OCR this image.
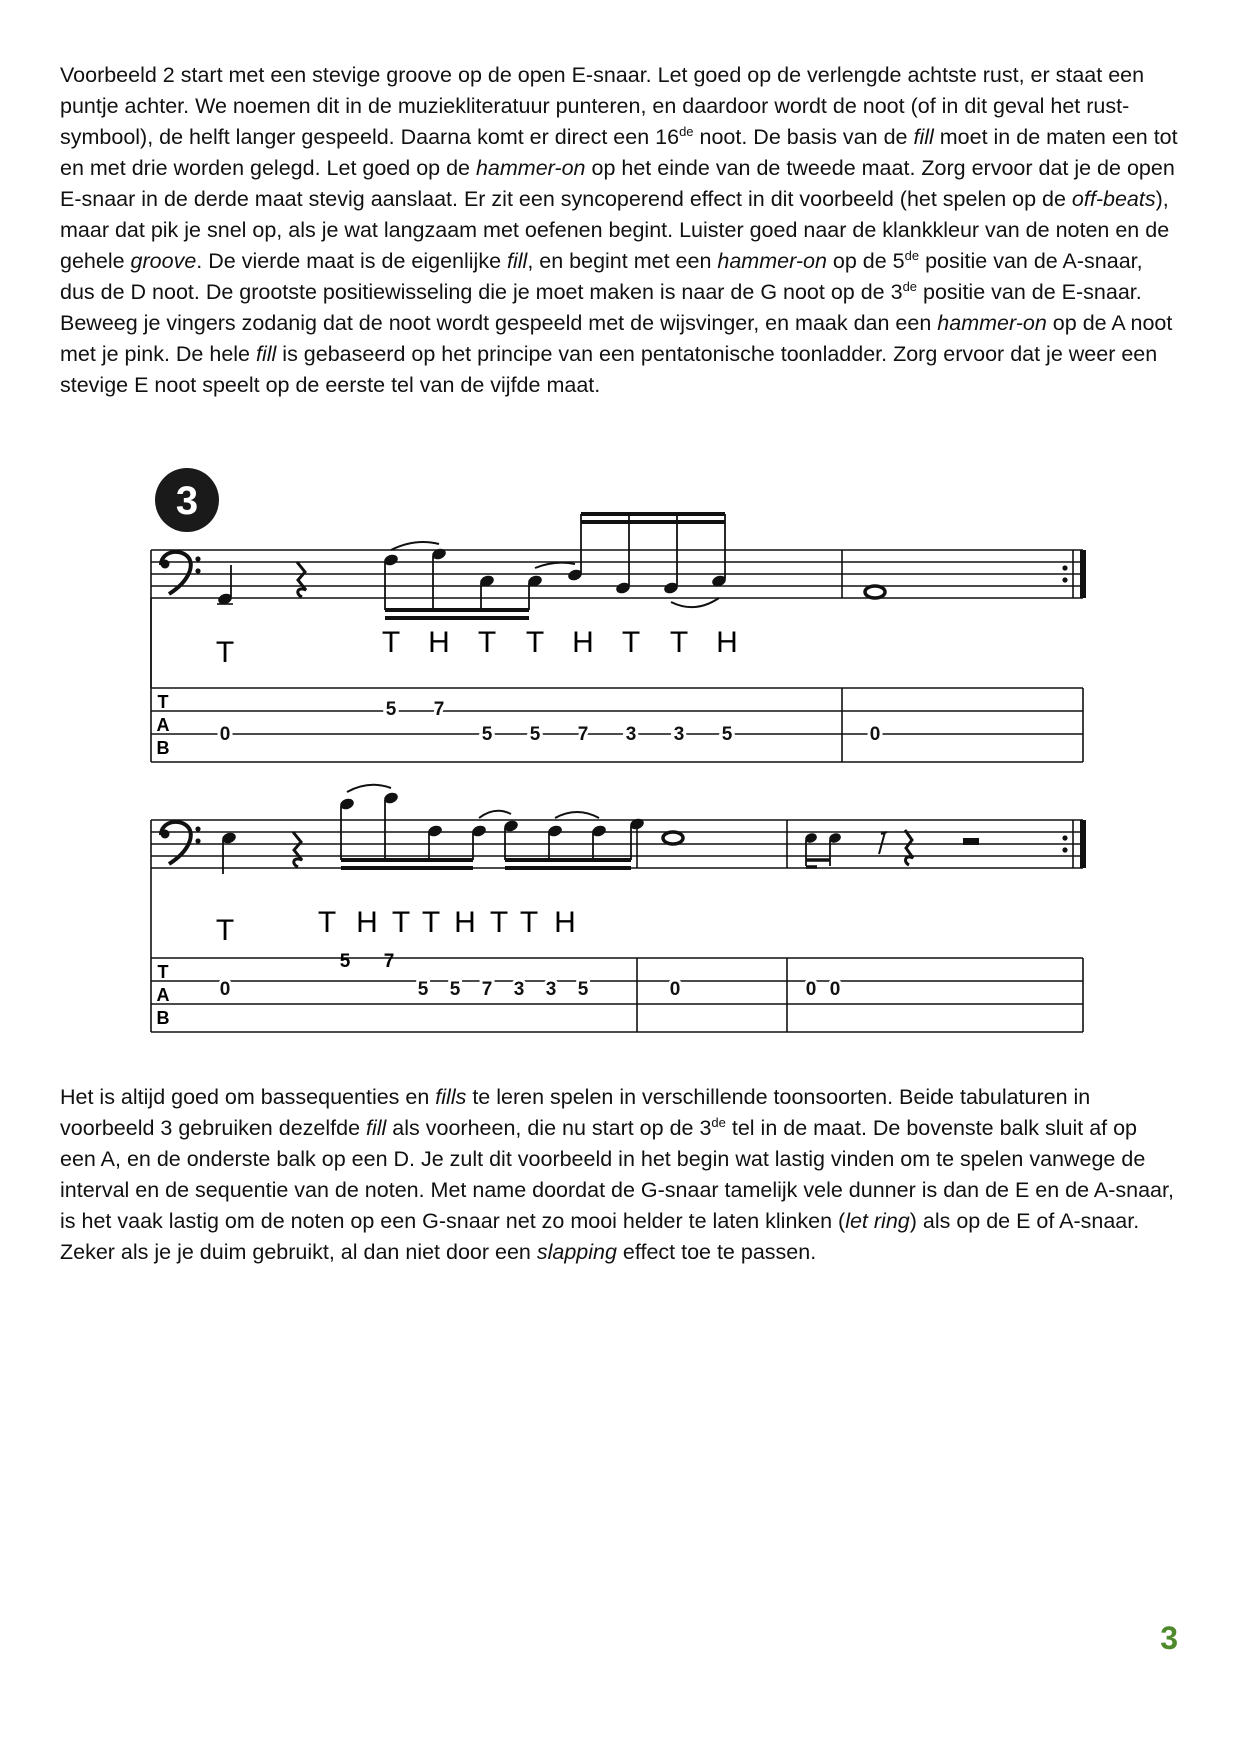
Voorbeeld 2 start met een stevige groove op de open E-snaar. Let goed op de verlengde achtste rust, er staat een puntje achter. We noemen dit in de muziekliteratuur punteren, en daardoor wordt de noot (of in dit geval het rust-symbool), de helft langer gespeeld. Daarna komt er direct een 16de noot. De basis van de fill moet in de maten een tot en met drie worden gelegd. Let goed op de hammer-on op het einde van de tweede maat. Zorg ervoor dat je de open E-snaar in de derde maat stevig aanslaat. Er zit een syncoperend effect in dit voorbeeld (het spelen op de off-beats), maar dat pik je snel op, als je wat langzaam met oefenen begint. Luister goed naar de klankkleur van de noten en de gehele groove. De vierde maat is de eigenlijke fill, en begint met een hammer-on op de 5de positie van de A-snaar, dus de D noot. De grootste positiewisseling die je moet maken is naar de G noot op de 3de positie van de E-snaar. Beweeg je vingers zodanig dat de noot wordt gespeeld met de wijsvinger, en maak dan een hammer-on op de A noot met je pink. De hele fill is gebaseerd op het principe van een pentatonische toonladder. Zorg ervoor dat je weer een stevige E noot speelt op de eerste tel van de vijfde maat.

3
T	T H T T H T T H
T
A
B
5 7
0	5 5 7 3 3 5	0
T	T H T T H T T H
T
A
B
5 7
0	5 5 7 3 3 5	0	0 0

Het is altijd goed om bassequenties en fills te leren spelen in verschillende toonsoorten. Beide tabulaturen in voorbeeld 3 gebruiken dezelfde fill als voorheen, die nu start op de 3de tel in de maat. De bovenste balk sluit af op een A, en de onderste balk op een D. Je zult dit voorbeeld in het begin wat lastig vinden om te spelen vanwege de interval en de sequentie van de noten. Met name doordat de G-snaar tamelijk vele dunner is dan de E en de A-snaar, is het vaak lastig om de noten op een G-snaar net zo mooi helder te laten klinken (let ring) als op de E of A-snaar. Zeker als je je duim gebruikt, al dan niet door een slapping effect toe te passen.

3
